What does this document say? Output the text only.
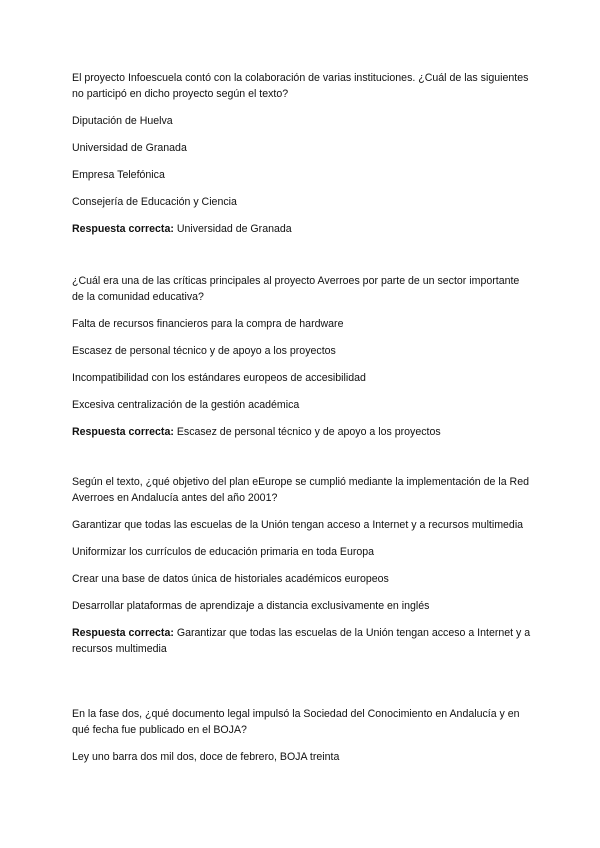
El proyecto Infoescuela contó con la colaboración de varias instituciones. ¿Cuál de las siguientes no participó en dicho proyecto según el texto?

Diputación de Huelva

Universidad de Granada

Empresa Telefónica

Consejería de Educación y Ciencia

Respuesta correcta: Universidad de Granada

¿Cuál era una de las críticas principales al proyecto Averroes por parte de un sector importante de la comunidad educativa?

Falta de recursos financieros para la compra de hardware

Escasez de personal técnico y de apoyo a los proyectos

Incompatibilidad con los estándares europeos de accesibilidad

Excesiva centralización de la gestión académica

Respuesta correcta: Escasez de personal técnico y de apoyo a los proyectos

Según el texto, ¿qué objetivo del plan eEurope se cumplió mediante la implementación de la Red Averroes en Andalucía antes del año 2001?

Garantizar que todas las escuelas de la Unión tengan acceso a Internet y a recursos multimedia

Uniformizar los currículos de educación primaria en toda Europa

Crear una base de datos única de historiales académicos europeos

Desarrollar plataformas de aprendizaje a distancia exclusivamente en inglés

Respuesta correcta: Garantizar que todas las escuelas de la Unión tengan acceso a Internet y a recursos multimedia

En la fase dos, ¿qué documento legal impulsó la Sociedad del Conocimiento en Andalucía y en qué fecha fue publicado en el BOJA?

Ley uno barra dos mil dos, doce de febrero, BOJA treinta
